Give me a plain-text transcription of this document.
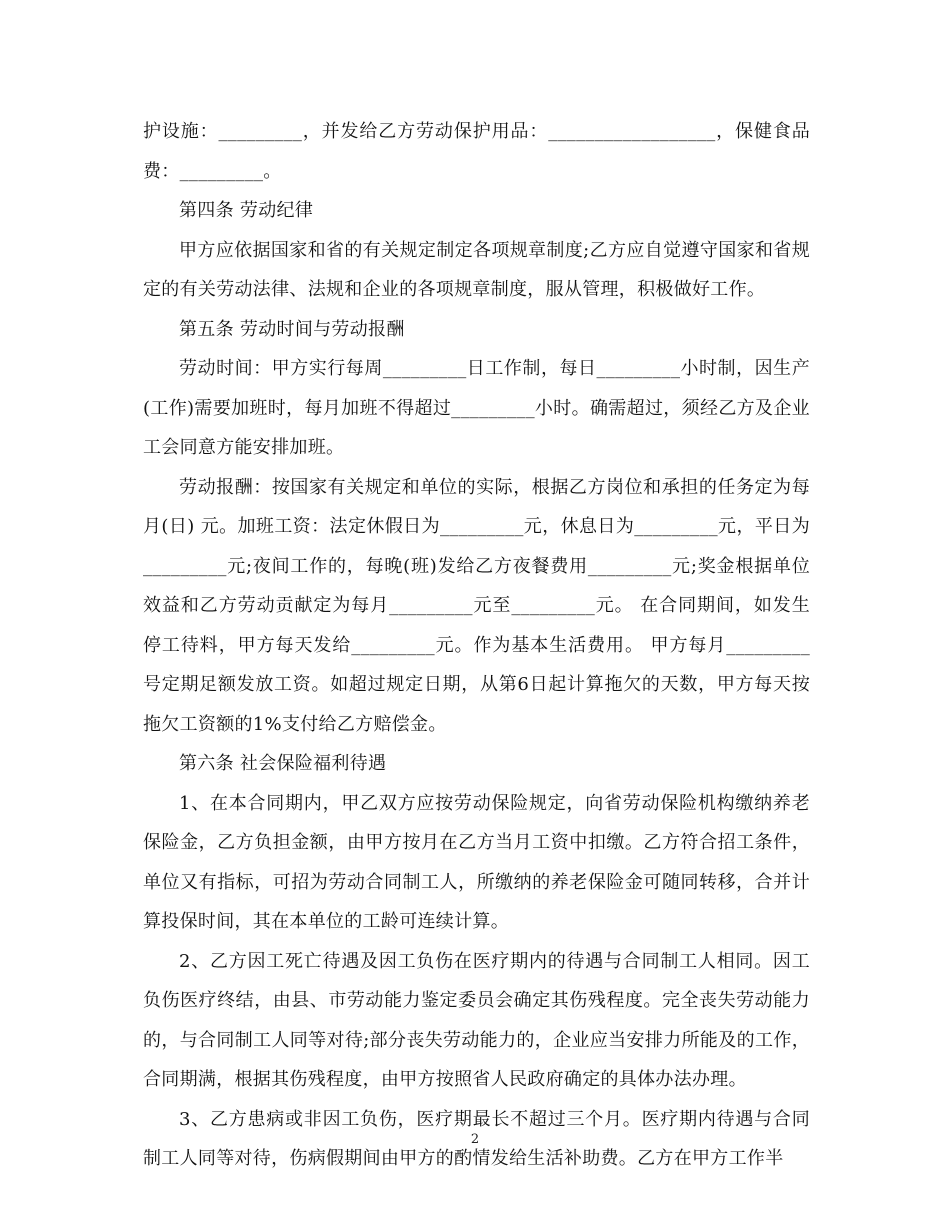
护设施：_________，并发给乙方劳动保护用品：__________________，保健食品费：_________。

第四条 劳动纪律

甲方应依据国家和省的有关规定制定各项规章制度;乙方应自觉遵守国家和省规定的有关劳动法律、法规和企业的各项规章制度，服从管理，积极做好工作。

第五条 劳动时间与劳动报酬

劳动时间：甲方实行每周_________日工作制，每日_________小时制，因生产(工作)需要加班时，每月加班不得超过_________小时。确需超过，须经乙方及企业工会同意方能安排加班。

劳动报酬：按国家有关规定和单位的实际，根据乙方岗位和承担的任务定为每月(日) 元。加班工资：法定休假日为_________元，休息日为_________元，平日为_________元;夜间工作的，每晚(班)发给乙方夜餐费用_________元;奖金根据单位效益和乙方劳动贡献定为每月_________元至_________元。 在合同期间，如发生停工待料，甲方每天发给_________元。作为基本生活费用。 甲方每月_________号定期足额发放工资。如超过规定日期，从第6日起计算拖欠的天数，甲方每天按拖欠工资额的1%支付给乙方赔偿金。

第六条 社会保险福利待遇

1、在本合同期内，甲乙双方应按劳动保险规定，向省劳动保险机构缴纳养老保险金，乙方负担金额，由甲方按月在乙方当月工资中扣缴。乙方符合招工条件，单位又有指标，可招为劳动合同制工人，所缴纳的养老保险金可随同转移，合并计算投保时间，其在本单位的工龄可连续计算。

2、乙方因工死亡待遇及因工负伤在医疗期内的待遇与合同制工人相同。因工负伤医疗终结，由县、市劳动能力鉴定委员会确定其伤残程度。完全丧失劳动能力的，与合同制工人同等对待;部分丧失劳动能力的，企业应当安排力所能及的工作，合同期满，根据其伤残程度，由甲方按照省人民政府确定的具体办法办理。

3、乙方患病或非因工负伤，医疗期最长不超过三个月。医疗期内待遇与合同制工人同等对待，伤病假期间由甲方的酌情发给生活补助费。乙方在甲方工作半

2
